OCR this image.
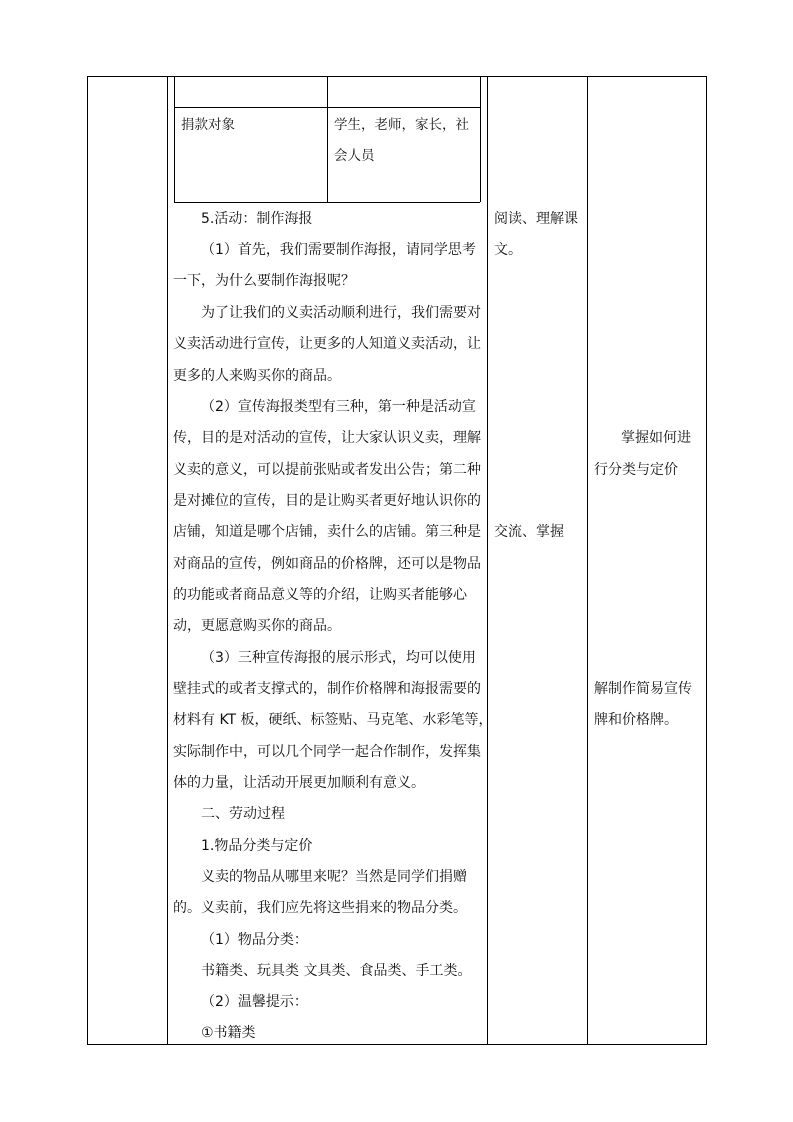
捐款对象	学生，老师，家长，社
会人员
5.活动：制作海报
（1）首先，我们需要制作海报，请同学思考
一下，为什么要制作海报呢？
为了让我们的义卖活动顺利进行，我们需要对
义卖活动进行宣传，让更多的人知道义卖活动，让
更多的人来购买你的商品。
（2）宣传海报类型有三种，第一种是活动宣
传，目的是对活动的宣传，让大家认识义卖，理解
义卖的意义，可以提前张贴或者发出公告；第二种
是对摊位的宣传，目的是让购买者更好地认识你的
店铺，知道是哪个店铺，卖什么的店铺。第三种是
对商品的宣传，例如商品的价格牌，还可以是物品
的功能或者商品意义等的介绍，让购买者能够心
动，更愿意购买你的商品。
（3）三种宣传海报的展示形式，均可以使用
壁挂式的或者支撑式的，制作价格牌和海报需要的
材料有 KT 板，硬纸、标签贴、马克笔、水彩笔等，
实际制作中，可以几个同学一起合作制作，发挥集
体的力量，让活动开展更加顺利有意义。
二、劳动过程
1.物品分类与定价
义卖的物品从哪里来呢？当然是同学们捐赠
的。义卖前，我们应先将这些捐来的物品分类。
（1）物品分类：
书籍类、玩具类 文具类、食品类、手工类。
（2）温馨提示：
①书籍类
阅读、理解课
文。
交流、掌握
掌握如何进
行分类与定价
解制作简易宣传
牌和价格牌。
